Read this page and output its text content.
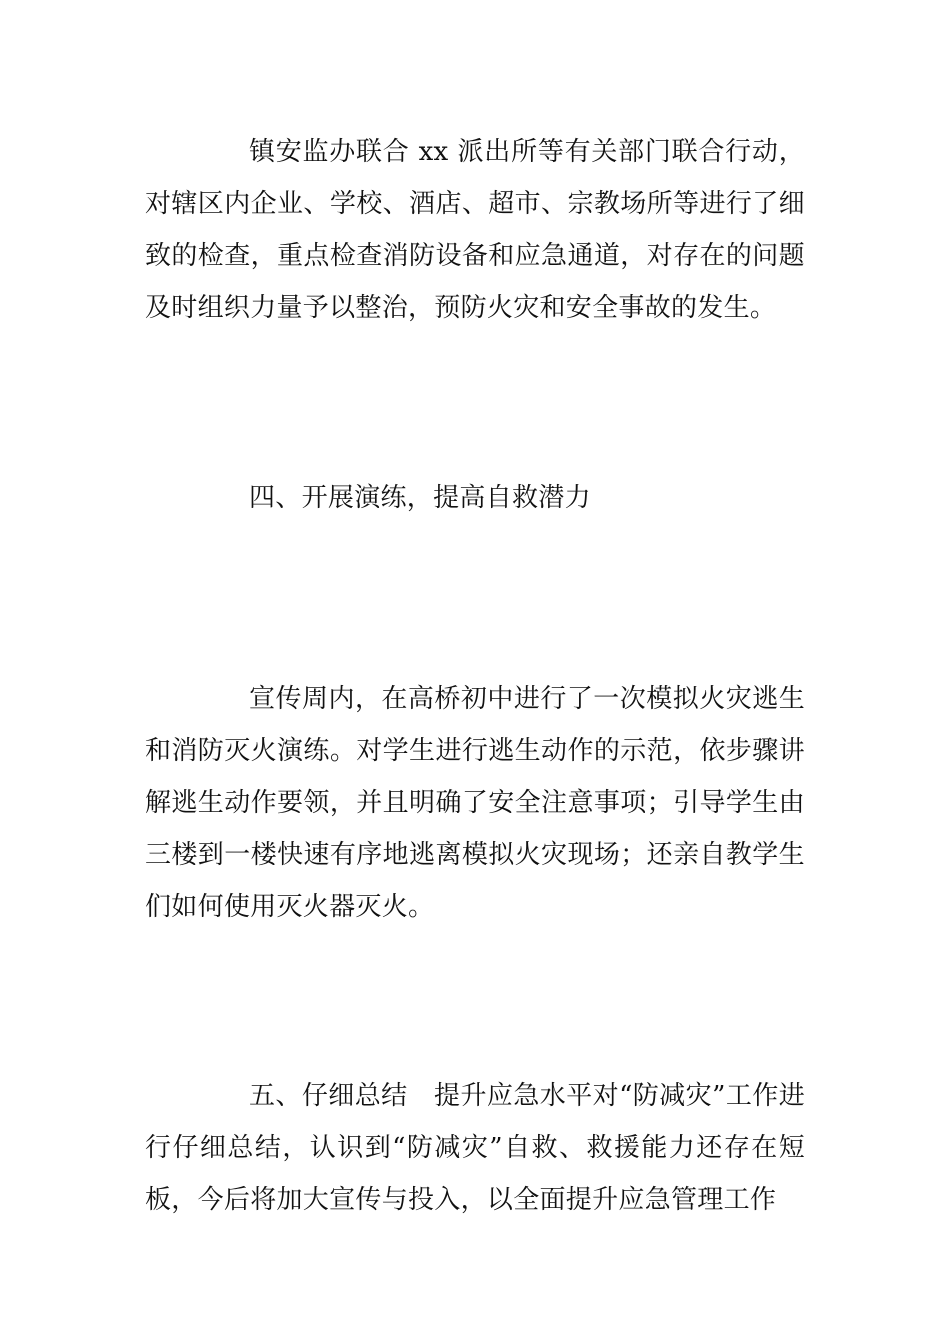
镇安监办联合 xx 派出所等有关部门联合行动，对辖区内企业、学校、酒店、超市、宗教场所等进行了细致的检查，重点检查消防设备和应急通道，对存在的问题及时组织力量予以整治，预防火灾和安全事故的发生。

四、开展演练，提高自救潜力

宣传周内，在高桥初中进行了一次模拟火灾逃生和消防灭火演练。对学生进行逃生动作的示范，依步骤讲解逃生动作要领，并且明确了安全注意事项；引导学生由三楼到一楼快速有序地逃离模拟火灾现场；还亲自教学生们如何使用灭火器灭火。

五、仔细总结　提升应急水平对“防减灾”工作进行仔细总结，认识到“防减灾”自救、救援能力还存在短板，今后将加大宣传与投入，以全面提升应急管理工作
